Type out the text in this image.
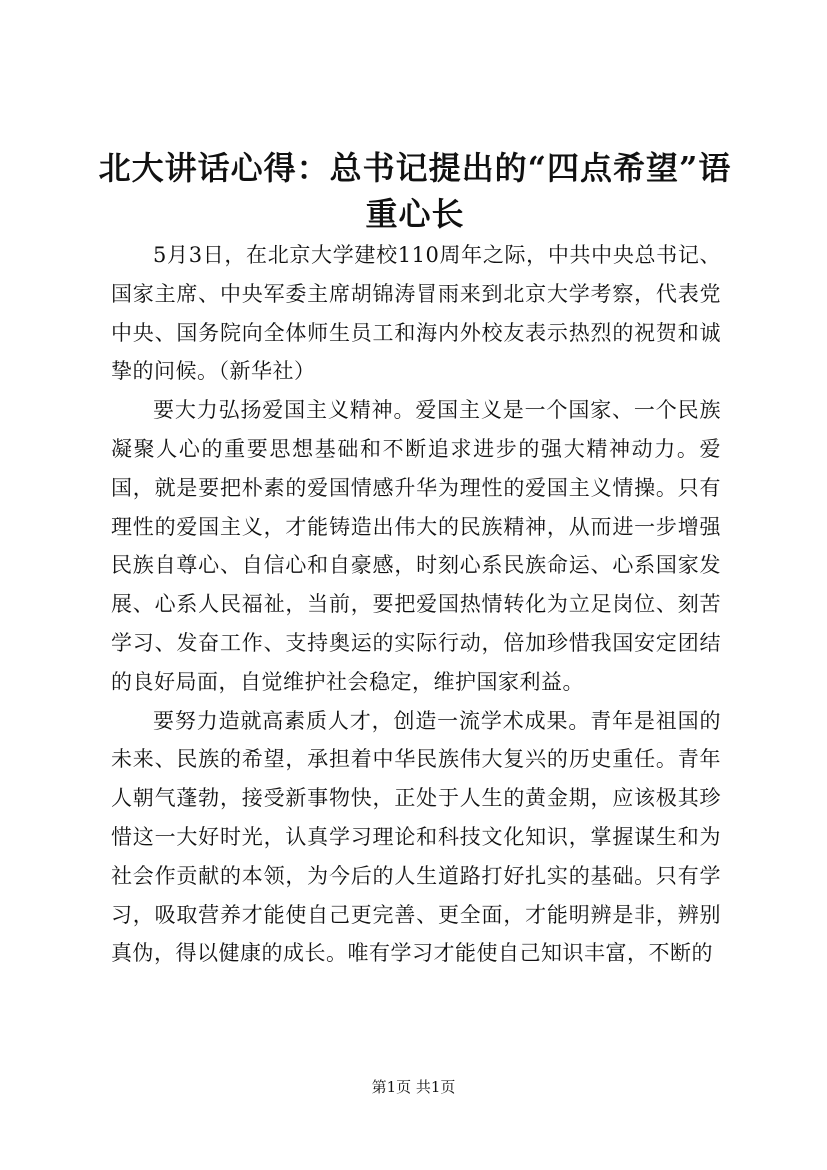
北大讲话心得：总书记提出的“四点希望”语重心长

5月3日，在北京大学建校110周年之际，中共中央总书记、国家主席、中央军委主席胡锦涛冒雨来到北京大学考察，代表党中央、国务院向全体师生员工和海内外校友表示热烈的祝贺和诚挚的问候。（新华社）

要大力弘扬爱国主义精神。爱国主义是一个国家、一个民族凝聚人心的重要思想基础和不断追求进步的强大精神动力。爱国，就是要把朴素的爱国情感升华为理性的爱国主义情操。只有理性的爱国主义，才能铸造出伟大的民族精神，从而进一步增强民族自尊心、自信心和自豪感，时刻心系民族命运、心系国家发展、心系人民福祉，当前，要把爱国热情转化为立足岗位、刻苦学习、发奋工作、支持奥运的实际行动，倍加珍惜我国安定团结的良好局面，自觉维护社会稳定，维护国家利益。

要努力造就高素质人才，创造一流学术成果。青年是祖国的未来、民族的希望，承担着中华民族伟大复兴的历史重任。青年人朝气蓬勃，接受新事物快，正处于人生的黄金期，应该极其珍惜这一大好时光，认真学习理论和科技文化知识，掌握谋生和为社会作贡献的本领，为今后的人生道路打好扎实的基础。只有学习，吸取营养才能使自己更完善、更全面，才能明辨是非，辨别真伪，得以健康的成长。唯有学习才能使自己知识丰富，不断的

第1页 共1页
